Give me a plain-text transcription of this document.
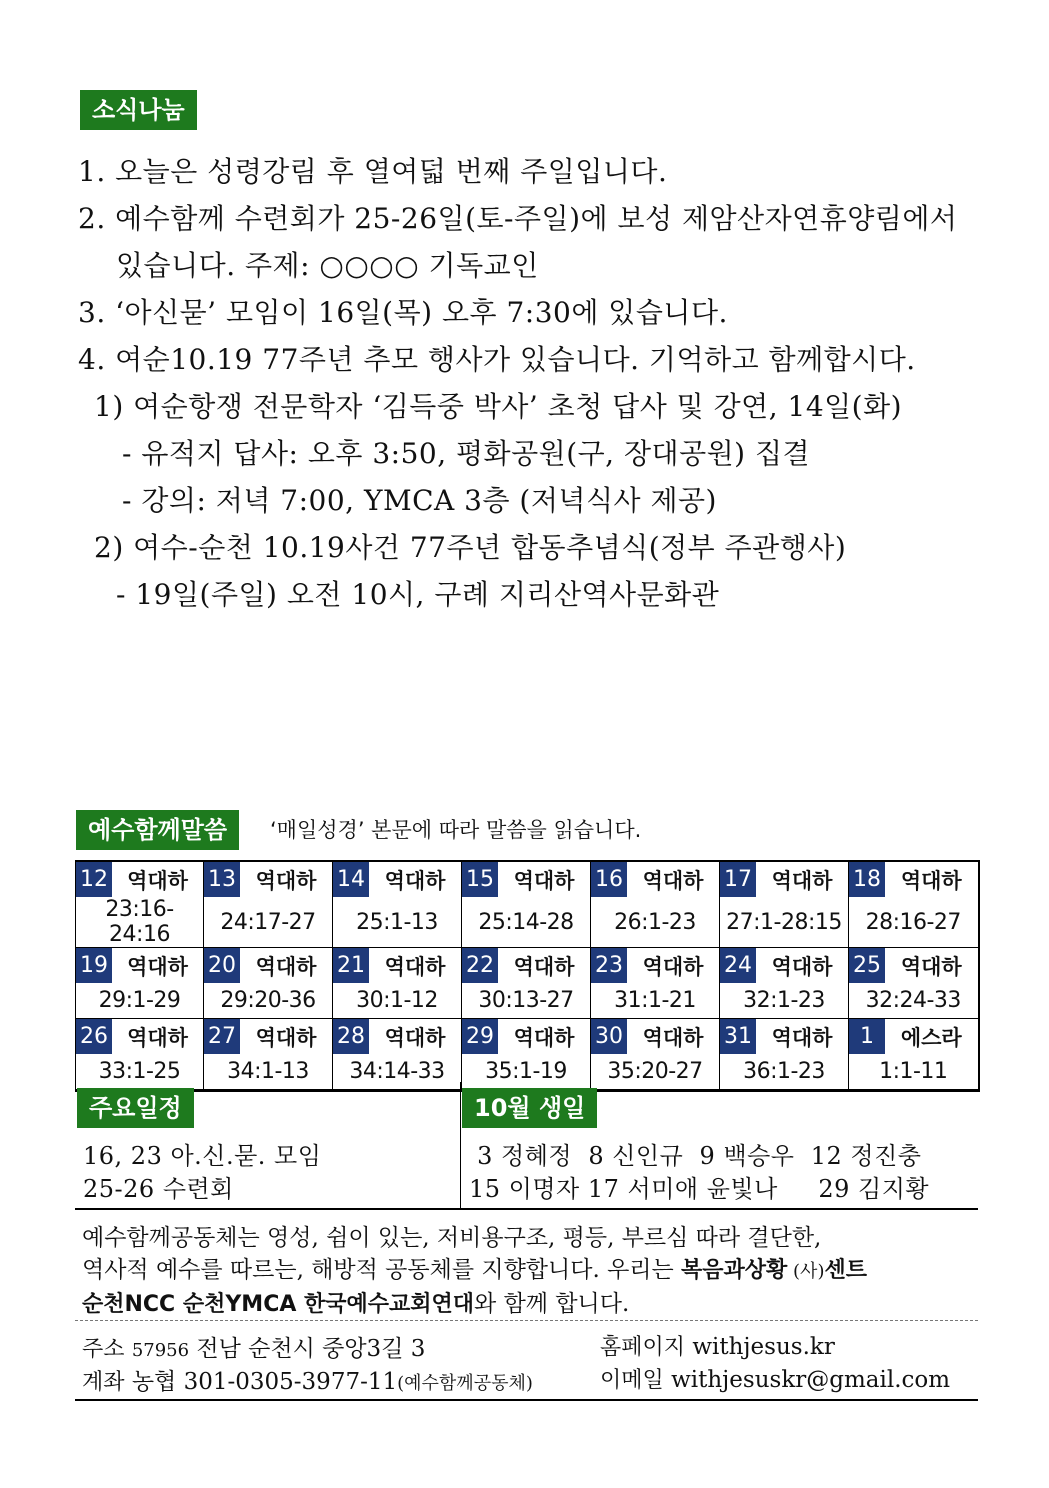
소식나눔
1. 오늘은 성령강림 후 열여덟 번째 주일입니다.
2. 예수함께 수련회가 25-26일(토-주일)에 보성 제암산자연휴양림에서
있습니다. 주제: ○○○○ 기독교인
3. ‘아신묻’ 모임이 16일(목) 오후 7:30에 있습니다.
4. 여순10.19 77주년 추모 행사가 있습니다. 기억하고 함께합시다.
1) 여순항쟁 전문학자 ‘김득중 박사’ 초청 답사 및 강연, 14일(화)
- 유적지 답사: 오후 3:50, 평화공원(구, 장대공원) 집결
- 강의: 저녁 7:00, YMCA 3층 (저녁식사 제공)
2) 여수-순천 10.19사건 77주년 합동추념식(정부 주관행사)
- 19일(주일) 오전 10시, 구례 지리산역사문화관
예수함께말씀	‘매일성경’ 본문에 따라 말씀을 읽습니다.
12 역대하	13 역대하	14 역대하	15 역대하	16 역대하	17 역대하	18 역대하

23:16-24:16	24:17-27	25:1-13	25:14-28	26:1-23	27:1-28:15	28:16-27

19 역대하	20 역대하	21 역대하	22 역대하	23 역대하	24 역대하	25 역대하

29:1-29	29:20-36	30:1-12	30:13-27	31:1-21	32:1-23	32:24-33

26 역대하	27 역대하	28 역대하	29 역대하	30 역대하	31 역대하	1 에스라

33:1-25	34:1-13	34:14-33	35:1-19	35:20-27	36:1-23	1:1-11
주요일정
16, 23 아.신.묻. 모임
25-26 수련회
10월 생일
3 정혜정  8 신인규  9 백승우  12 정진충
15 이명자 17 서미애 윤빛나     29 김지황
예수함께공동체는 영성, 쉼이 있는, 저비용구조, 평등, 부르심 따라 결단한,
역사적 예수를 따르는, 해방적 공동체를 지향합니다. 우리는 복음과상황 (사)센트
순천NCC 순천YMCA 한국예수교회연대와 함께 합니다.
주소 57956 전남 순천시 중앙3길 3
계좌 농협 301-0305-3977-11(예수함께공동체)
홈페이지 withjesus.kr
이메일 withjesuskr@gmail.com
